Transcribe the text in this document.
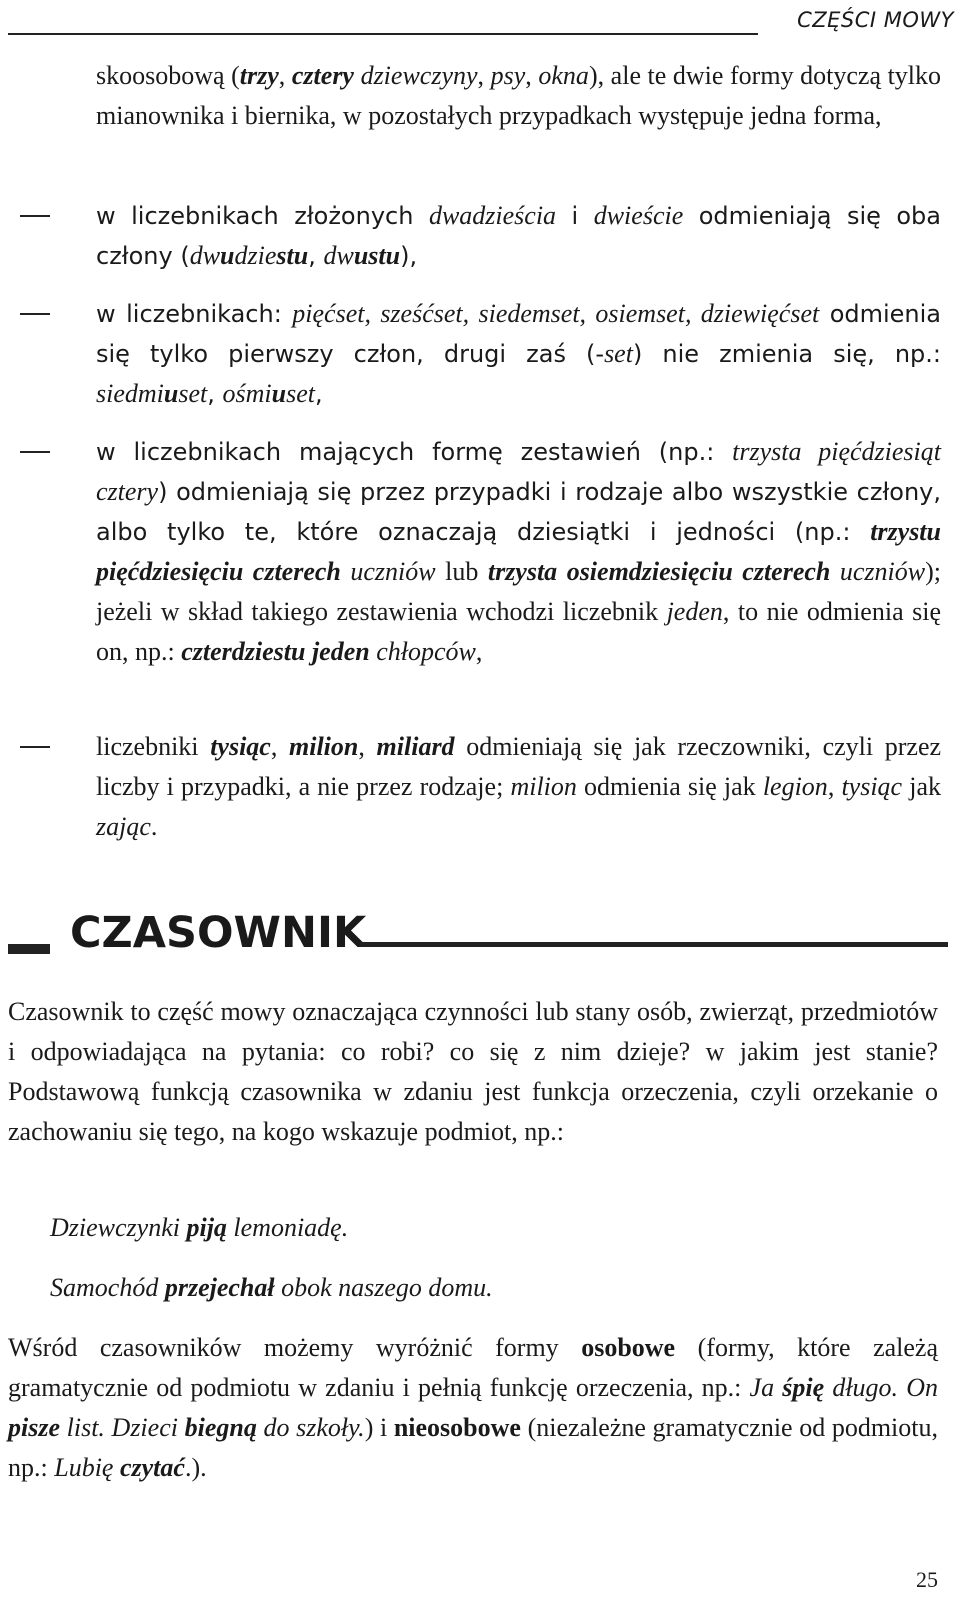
CZĘŚCI MOWY
skoosobową (trzy, cztery dziewczyny, psy, okna), ale te dwie formy dotyczą tylko mianownika i biernika, w pozostałych przypadkach występuje jedna forma,
w liczebnikach złożonych dwadzieścia i dwieście odmieniają się oba człony (dwudziestu, dwustu),
w liczebnikach: pięćset, sześćset, siedemset, osiemset, dziewięćset odmienia się tylko pierwszy człon, drugi zaś (-set) nie zmienia się, np.: siedmiuset, ośmiuset,
w liczebnikach mających formę zestawień (np.: trzysta pięćdziesiąt cztery) odmieniają się przez przypadki i rodzaje albo wszystkie człony, albo tylko te, które oznaczają dziesiątki i jedności (np.: trzystu pięćdziesięciu czterech uczniów lub trzysta osiemdziesięciu czterech uczniów); jeżeli w skład takiego zestawienia wchodzi liczebnik jeden, to nie odmienia się on, np.: czterdziestu jeden chłopców,
liczebniki tysiąc, milion, miliard odmieniają się jak rzeczowniki, czyli przez liczby i przypadki, a nie przez rodzaje; milion odmienia się jak legion, tysiąc jak zając.
CZASOWNIK
Czasownik to część mowy oznaczająca czynności lub stany osób, zwierząt, przedmiotów i odpowiadająca na pytania: co robi? co się z nim dzieje? w jakim jest stanie? Podstawową funkcją czasownika w zdaniu jest funkcja orzeczenia, czyli orzekanie o zachowaniu się tego, na kogo wskazuje podmiot, np.:
Dziewczynki piją lemoniadę.
Samochód przejechał obok naszego domu.
Wśród czasowników możemy wyróżnić formy osobowe (formy, które zależą gramatycznie od podmiotu w zdaniu i pełnią funkcję orzeczenia, np.: Ja śpię długo. On pisze list. Dzieci biegną do szkoły.) i nieosobowe (niezależne gramatycznie od podmiotu, np.: Lubię czytać.).
25
